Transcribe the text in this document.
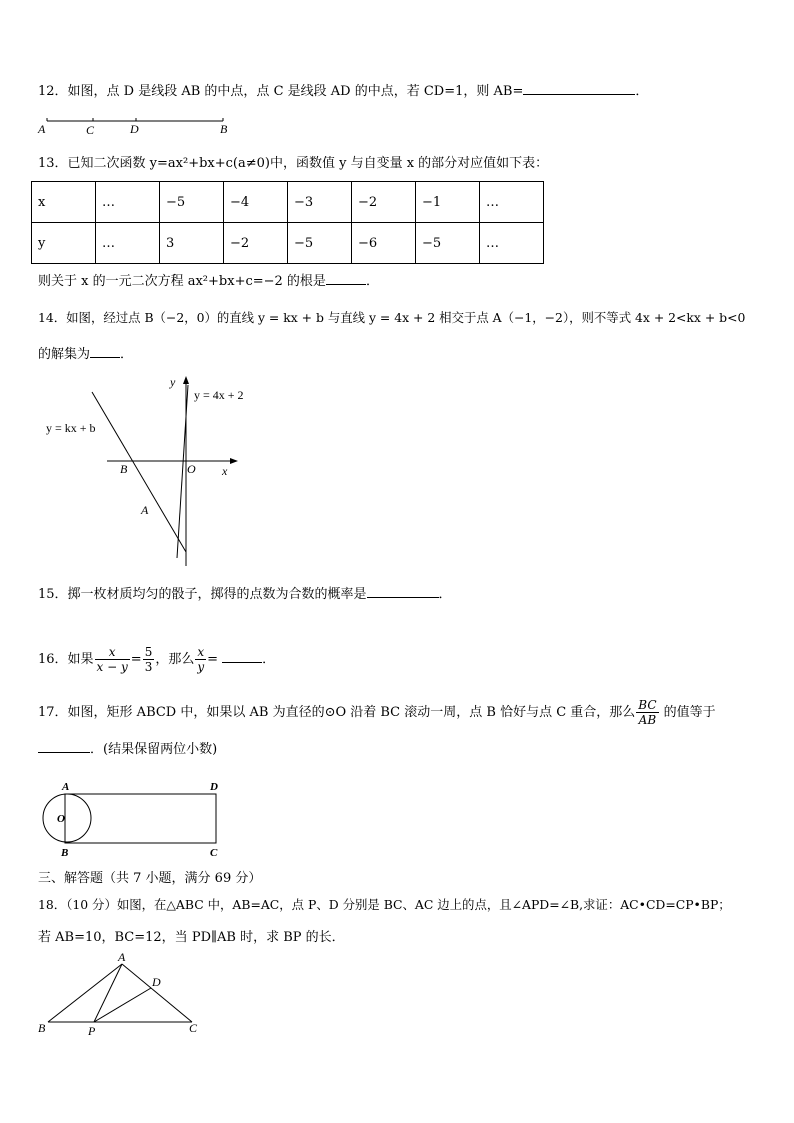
12．如图，点 D 是线段 AB 的中点，点 C 是线段 AD 的中点，若 CD=1，则 AB=	．
A	C	D	B
13．已知二次函数 y=ax²+bx+c(a≠0)中，函数值 y 与自变量 x 的部分对应值如下表：
x	…	−5	−4	−3	−2	−1	…
y	…	3	−2	−5	−6	−5	…
则关于 x 的一元二次方程 ax²+bx+c=−2 的根是	．
14．如图，经过点 B（−2，0）的直线 y = kx + b 与直线 y = 4x + 2 相交于点 A（−1，−2），则不等式 4x + 2<kx + b<0
的解集为 ．
y = 4x + 2
y = kx + b
B	O x
y
A
15．掷一枚材质均匀的骰子，掷得的点数为合数的概率是	．
16．如果 $\frac{x}{x - y} = \frac{5}{3}$ ，那么 $\frac{x}{y}$ =	．
17．如图，矩形 ABCD 中，如果以 AB 为直径的⊙O 沿着 BC 滚动一周，点 B 恰好与点 C 重合，那么 $\frac{BC}{AB}$ 的值等于
．(结果保留两位小数)
A	D
O
B	C
三、解答题（共 7 小题，满分 69 分）
18．（10 分）如图，在△ABC 中，AB=AC，点 P、D 分别是 BC、AC 边上的点，且∠APD=∠B,求证：AC•CD=CP•BP；
若 AB=10，BC=12，当 PD∥AB 时，求 BP 的长．
A
D
B	P	C
